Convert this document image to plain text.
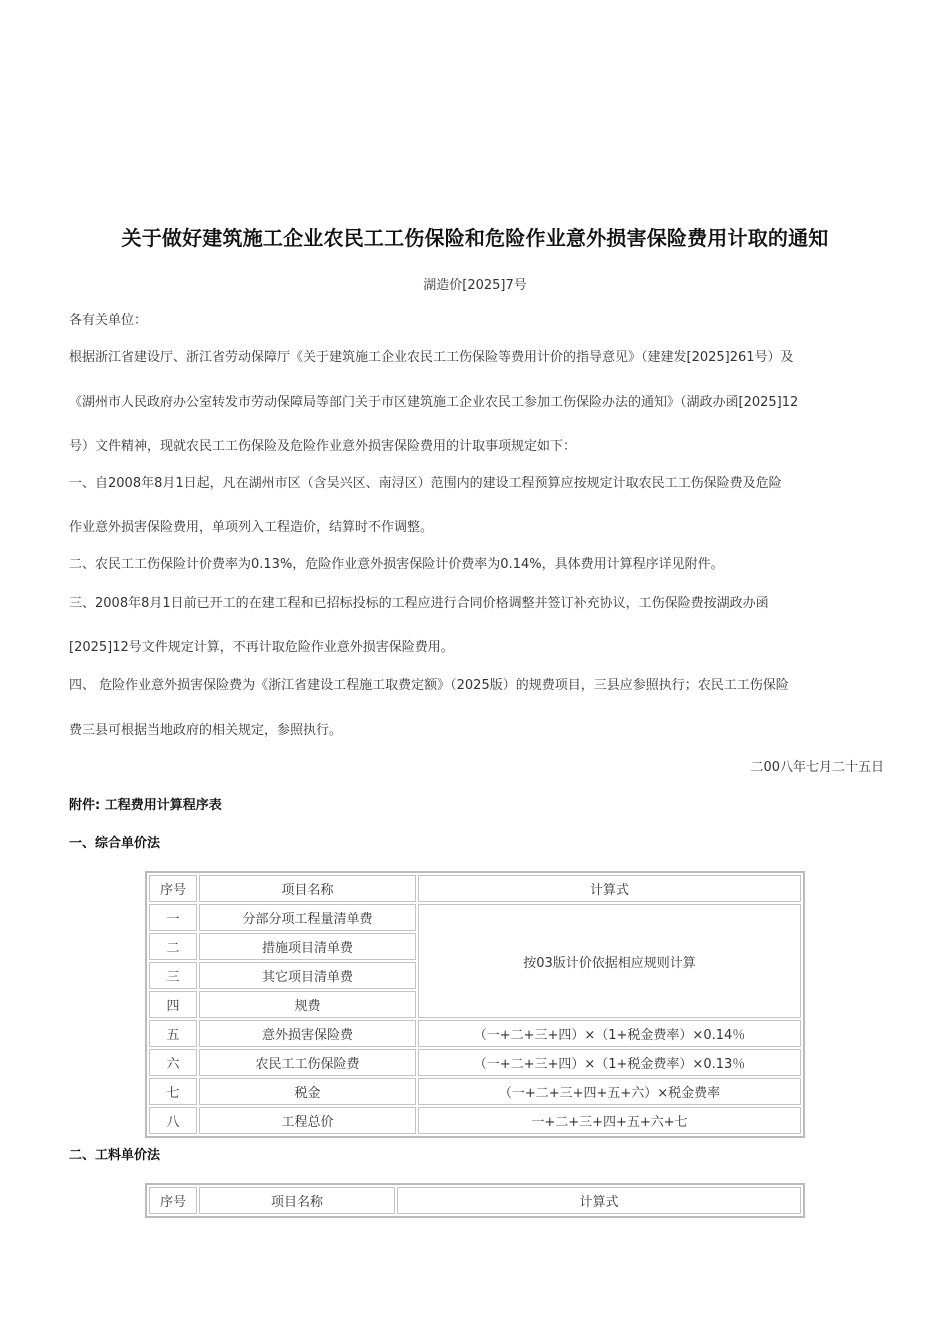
关于做好建筑施工企业农民工工伤保险和危险作业意外损害保险费用计取的通知
湖造价[2025]7号
各有关单位：
根据浙江省建设厅、浙江省劳动保障厅《关于建筑施工企业农民工工伤保险等费用计价的指导意见》（建建发[2025]261号）及
《湖州市人民政府办公室转发市劳动保障局等部门关于市区建筑施工企业农民工参加工伤保险办法的通知》（湖政办函[2025]12
号）文件精神，现就农民工工伤保险及危险作业意外损害保险费用的计取事项规定如下：
一、自2008年8月1日起，凡在湖州市区（含吴兴区、南浔区）范围内的建设工程预算应按规定计取农民工工伤保险费及危险
作业意外损害保险费用，单项列入工程造价，结算时不作调整。
二、农民工工伤保险计价费率为0.13%，危险作业意外损害保险计价费率为0.14%，具体费用计算程序详见附件。
三、2008年8月1日前已开工的在建工程和已招标投标的工程应进行合同价格调整并签订补充协议，工伤保险费按湖政办函
[2025]12号文件规定计算，不再计取危险作业意外损害保险费用。
四、 危险作业意外损害保险费为《浙江省建设工程施工取费定额》（2025版）的规费项目，三县应参照执行；农民工工伤保险
费三县可根据当地政府的相关规定，参照执行。
二00八年七月二十五日
附件: 工程费用计算程序表
一、综合单价法
序号	项目名称	计算式
一	分部分项工程量清单费	按03版计价依据相应规则计算
二	措施项目清单费	
三	其它项目清单费	
四	规费	
五	意外损害保险费	（一+二+三+四）×（1+税金费率）×0.14％
六	农民工工伤保险费	（一+二+三+四）×（1+税金费率）×0.13％
七	税金	（一+二+三+四+五+六）×税金费率
八	工程总价	一+二+三+四+五+六+七
二、工料单价法
序号	项目名称	计算式
